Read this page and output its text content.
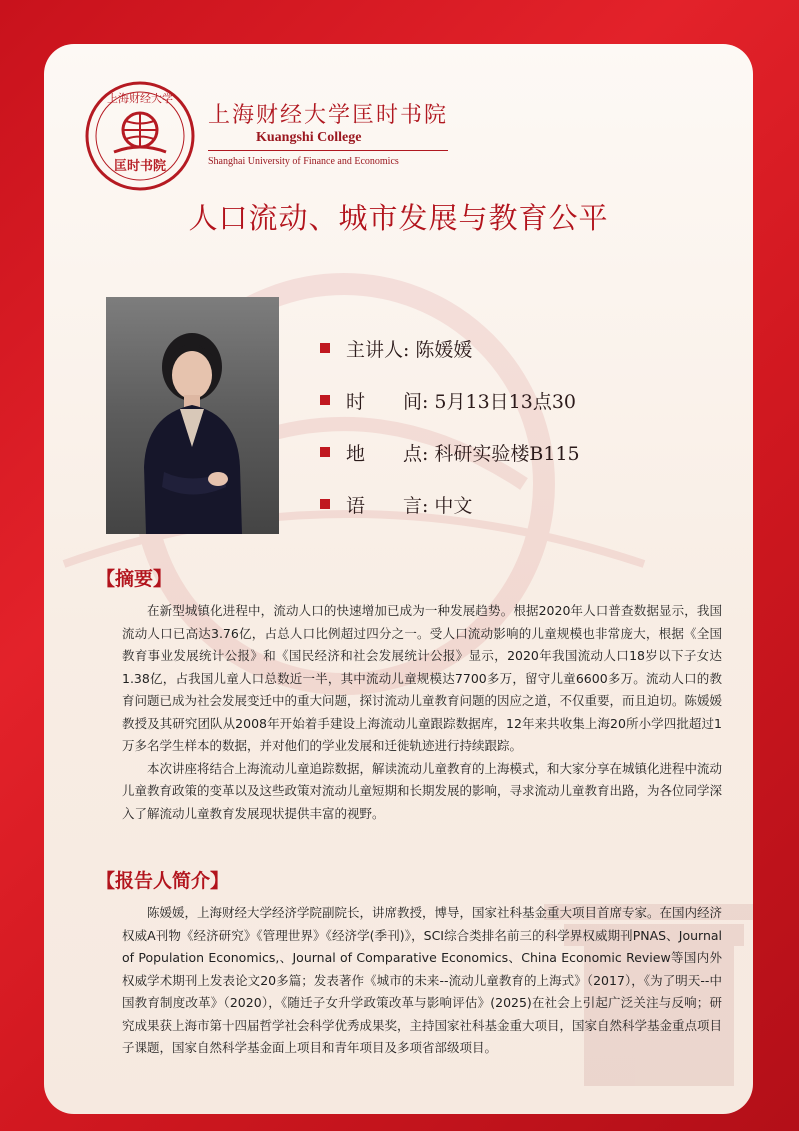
上海财经大学
匡时书院
上海财经大学匡时书院
Kuangshi College
Shanghai University of Finance and Economics
人口流动、城市发展与教育公平
主讲人: 陈媛媛
时　　间: 5月13日13点30
地　　点: 科研实验楼B115
语　　言: 中文
【摘要】

在新型城镇化进程中，流动人口的快速增加已成为一种发展趋势。根据2020年人口普查数据显示，我国流动人口已高达3.76亿，占总人口比例超过四分之一。受人口流动影响的儿童规模也非常庞大，根据《全国教育事业发展统计公报》和《国民经济和社会发展统计公报》显示，2020年我国流动人口18岁以下子女达1.38亿，占我国儿童人口总数近一半，其中流动儿童规模达7700多万，留守儿童6600多万。流动人口的教育问题已成为社会发展变迁中的重大问题，探讨流动儿童教育问题的因应之道，不仅重要，而且迫切。陈媛媛教授及其研究团队从2008年开始着手建设上海流动儿童跟踪数据库，12年来共收集上海20所小学四批超过1万多名学生样本的数据，并对他们的学业发展和迁徙轨迹进行持续跟踪。

本次讲座将结合上海流动儿童追踪数据，解读流动儿童教育的上海模式，和大家分享在城镇化进程中流动儿童教育政策的变革以及这些政策对流动儿童短期和长期发展的影响，寻求流动儿童教育出路，为各位同学深入了解流动儿童教育发展现状提供丰富的视野。

【报告人简介】

陈媛媛，上海财经大学经济学院副院长，讲席教授，博导，国家社科基金重大项目首席专家。在国内经济权威A刊物《经济研究》《管理世界》《经济学(季刊)》，SCI综合类排名前三的科学界权威期刊PNAS、Journal of Population Economics,、Journal of Comparative Economics、China Economic Review等国内外权威学术期刊上发表论文20多篇；发表著作《城市的未来--流动儿童教育的上海式》（2017），《为了明天--中国教育制度改革》（2020），《随迁子女升学政策改革与影响评估》(2025)在社会上引起广泛关注与反响；研究成果获上海市第十四届哲学社会科学优秀成果奖，主持国家社科基金重大项目，国家自然科学基金重点项目子课题，国家自然科学基金面上项目和青年项目及多项省部级项目。
